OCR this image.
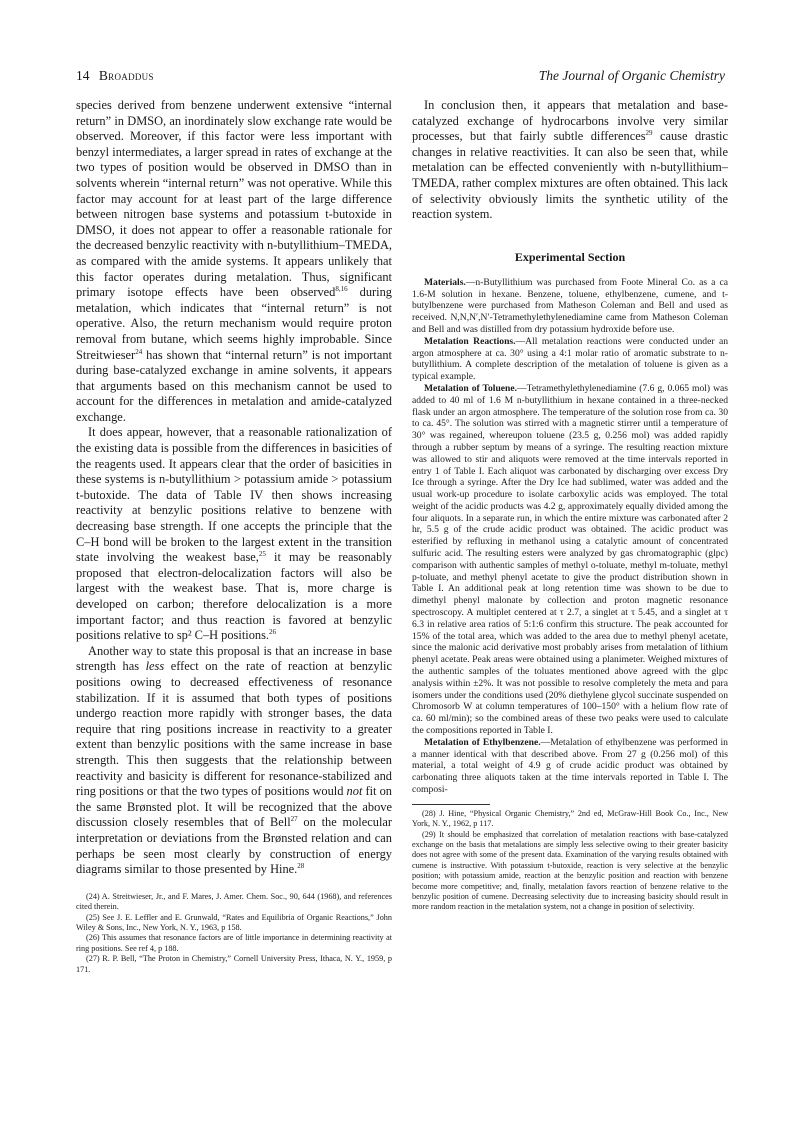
14 Broaddus	The Journal of Organic Chemistry

species derived from benzene underwent extensive “internal return” in DMSO, an inordinately slow exchange rate would be observed. Moreover, if this factor were less important with benzyl intermediates, a larger spread in rates of exchange at the two types of position would be observed in DMSO than in solvents wherein “internal return” was not operative. While this factor may account for at least part of the large difference between nitrogen base systems and potassium t-butoxide in DMSO, it does not appear to offer a reasonable rationale for the decreased benzylic reactivity with n-butyllithium–TMEDA, as compared with the amide systems. It appears unlikely that this factor operates during metalation. Thus, significant primary isotope effects have been observed$^{8,16}$ during metalation, which indicates that “internal return” is not operative. Also, the return mechanism would require proton removal from butane, which seems highly improbable. Since Streitwieser$^{24}$ has shown that “internal return” is not important during base-catalyzed exchange in amine solvents, it appears that arguments based on this mechanism cannot be used to account for the differences in metalation and amide-catalyzed exchange.

It does appear, however, that a reasonable rationalization of the existing data is possible from the differences in basicities of the reagents used. It appears clear that the order of basicities in these systems is n-butyllithium > potassium amide > potassium t-butoxide. The data of Table IV then shows increasing reactivity at benzylic positions relative to benzene with decreasing base strength. If one accepts the principle that the C–H bond will be broken to the largest extent in the transition state involving the weakest base,$^{25}$ it may be reasonably proposed that electron-delocalization factors will also be largest with the weakest base. That is, more charge is developed on carbon; therefore delocalization is a more important factor; and thus reaction is favored at benzylic positions relative to sp² C–H positions.$^{26}$

Another way to state this proposal is that an increase in base strength has less effect on the rate of reaction at benzylic positions owing to decreased effectiveness of resonance stabilization. If it is assumed that both types of positions undergo reaction more rapidly with stronger bases, the data require that ring positions increase in reactivity to a greater extent than benzylic positions with the same increase in base strength. This then suggests that the relationship between reactivity and basicity is different for resonance-stabilized and ring positions or that the two types of positions would not fit on the same Brønsted plot. It will be recognized that the above discussion closely resembles that of Bell$^{27}$ on the molecular interpretation or deviations from the Brønsted relation and can perhaps be seen most clearly by construction of energy diagrams similar to those presented by Hine.$^{28}$

(24) A. Streitwieser, Jr., and F. Mares, J. Amer. Chem. Soc., 90, 644 (1968), and references cited therein.

(25) See J. E. Leffler and E. Grunwald, “Rates and Equilibria of Organic Reactions,” John Wiley & Sons, Inc., New York, N. Y., 1963, p 158.

(26) This assumes that resonance factors are of little importance in determining reactivity at ring positions. See ref 4, p 188.

(27) R. P. Bell, “The Proton in Chemistry,” Cornell University Press, Ithaca, N. Y., 1959, p 171.

In conclusion then, it appears that metalation and base-catalyzed exchange of hydrocarbons involve very similar processes, but that fairly subtle differences$^{29}$ cause drastic changes in relative reactivities. It can also be seen that, while metalation can be effected conveniently with n-butyllithium–TMEDA, rather complex mixtures are often obtained. This lack of selectivity obviously limits the synthetic utility of the reaction system.

Experimental Section

Materials.—n-Butyllithium was purchased from Foote Mineral Co. as a ca 1.6-M solution in hexane. Benzene, toluene, ethylbenzene, cumene, and t-butylbenzene were purchased from Matheson Coleman and Bell and used as received. N,N,N′,N′-Tetramethylethylenediamine came from Matheson Coleman and Bell and was distilled from dry potassium hydroxide before use.

Metalation Reactions.—All metalation reactions were conducted under an argon atmosphere at ca. 30° using a 4:1 molar ratio of aromatic substrate to n-butyllithium. A complete description of the metalation of toluene is given as a typical example.

Metalation of Toluene.—Tetramethylethylenediamine (7.6 g, 0.065 mol) was added to 40 ml of 1.6 M n-butyllithium in hexane contained in a three-necked flask under an argon atmosphere. The temperature of the solution rose from ca. 30 to ca. 45°. The solution was stirred with a magnetic stirrer until a temperature of 30° was regained, whereupon toluene (23.5 g, 0.256 mol) was added rapidly through a rubber septum by means of a syringe. The resulting reaction mixture was allowed to stir and aliquots were removed at the time intervals reported in entry 1 of Table I. Each aliquot was carbonated by discharging over excess Dry Ice through a syringe. After the Dry Ice had sublimed, water was added and the usual work-up procedure to isolate carboxylic acids was employed. The total weight of the acidic products was 4.2 g, approximately equally divided among the four aliquots. In a separate run, in which the entire mixture was carbonated after 2 hr, 5.5 g of the crude acidic product was obtained. The acidic product was esterified by refluxing in methanol using a catalytic amount of concentrated sulfuric acid. The resulting esters were analyzed by gas chromatographic (glpc) comparison with authentic samples of methyl o-toluate, methyl m-toluate, methyl p-toluate, and methyl phenyl acetate to give the product distribution shown in Table I. An additional peak at long retention time was shown to be due to dimethyl phenyl malonate by collection and proton magnetic resonance spectroscopy. A multiplet centered at τ 2.7, a singlet at τ 5.45, and a singlet at τ 6.3 in relative area ratios of 5:1:6 confirm this structure. The peak accounted for 15% of the total area, which was added to the area due to methyl phenyl acetate, since the malonic acid derivative most probably arises from metalation of lithium phenyl acetate. Peak areas were obtained using a planimeter. Weighed mixtures of the authentic samples of the toluates mentioned above agreed with the glpc analysis within ±2%. It was not possible to resolve completely the meta and para isomers under the conditions used (20% diethylene glycol succinate suspended on Chromosorb W at column temperatures of 100–150° with a helium flow rate of ca. 60 ml/min); so the combined areas of these two peaks were used to calculate the compositions reported in Table I.

Metalation of Ethylbenzene.—Metalation of ethylbenzene was performed in a manner identical with that described above. From 27 g (0.256 mol) of this material, a total weight of 4.9 g of crude acidic product was obtained by carbonating three aliquots taken at the time intervals reported in Table I. The composi-

(28) J. Hine, “Physical Organic Chemistry,” 2nd ed, McGraw-Hill Book Co., Inc., New York, N. Y., 1962, p 117.

(29) It should be emphasized that correlation of metalation reactions with base-catalyzed exchange on the basis that metalations are simply less selective owing to their greater basicity does not agree with some of the present data. Examination of the varying results obtained with cumene is instructive. With potassium t-butoxide, reaction is very selective at the benzylic position; with potassium amide, reaction at the benzylic position and reaction with benzene become more competitive; and, finally, metalation favors reaction of benzene relative to the benzylic position of cumene. Decreasing selectivity due to increasing basicity should result in more random reaction in the metalation system, not a change in position of selectivity.
